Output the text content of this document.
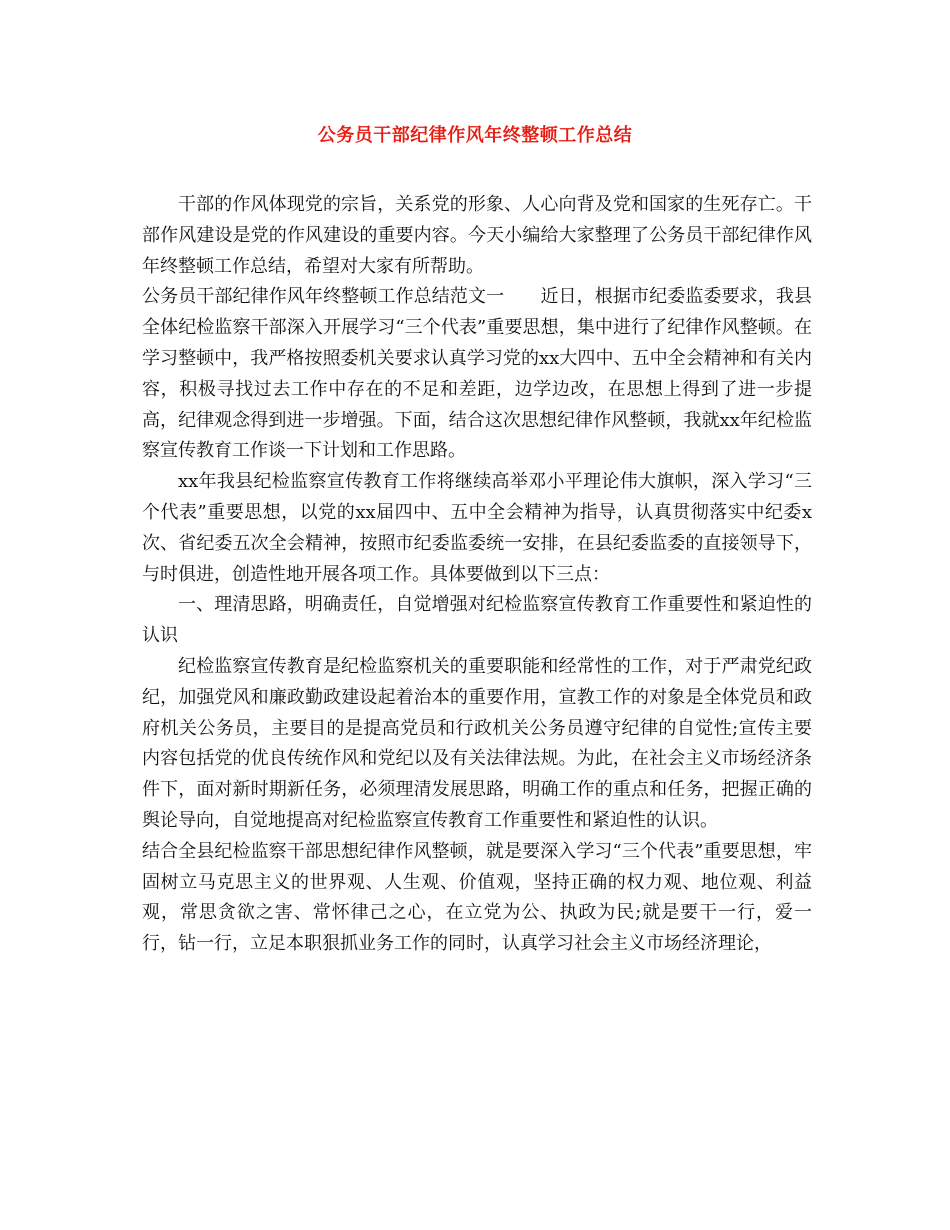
公务员干部纪律作风年终整顿工作总结

干部的作风体现党的宗旨，关系党的形象、人心向背及党和国家的生死存亡。干部作风建设是党的作风建设的重要内容。今天小编给大家整理了公务员干部纪律作风年终整顿工作总结，希望对大家有所帮助。

公务员干部纪律作风年终整顿工作总结范文一　　近日，根据市纪委监委要求，我县全体纪检监察干部深入开展学习“三个代表”重要思想，集中进行了纪律作风整顿。在学习整顿中，我严格按照委机关要求认真学习党的xx大四中、五中全会精神和有关内容，积极寻找过去工作中存在的不足和差距，边学边改，在思想上得到了进一步提高，纪律观念得到进一步增强。下面，结合这次思想纪律作风整顿，我就xx年纪检监察宣传教育工作谈一下计划和工作思路。

xx年我县纪检监察宣传教育工作将继续高举邓小平理论伟大旗帜，深入学习“三个代表”重要思想，以党的xx届四中、五中全会精神为指导，认真贯彻落实中纪委x次、省纪委五次全会精神，按照市纪委监委统一安排，在县纪委监委的直接领导下，与时俱进，创造性地开展各项工作。具体要做到以下三点：

一、理清思路，明确责任，自觉增强对纪检监察宣传教育工作重要性和紧迫性的认识

纪检监察宣传教育是纪检监察机关的重要职能和经常性的工作，对于严肃党纪政纪，加强党风和廉政勤政建设起着治本的重要作用，宣教工作的对象是全体党员和政府机关公务员，主要目的是提高党员和行政机关公务员遵守纪律的自觉性;宣传主要内容包括党的优良传统作风和党纪以及有关法律法规。为此，在社会主义市场经济条件下，面对新时期新任务，必须理清发展思路，明确工作的重点和任务，把握正确的舆论导向，自觉地提高对纪检监察宣传教育工作重要性和紧迫性的认识。

结合全县纪检监察干部思想纪律作风整顿，就是要深入学习“三个代表”重要思想，牢固树立马克思主义的世界观、人生观、价值观，坚持正确的权力观、地位观、利益观，常思贪欲之害、常怀律己之心，在立党为公、执政为民;就是要干一行，爱一行，钻一行，立足本职狠抓业务工作的同时，认真学习社会主义市场经济理论，
